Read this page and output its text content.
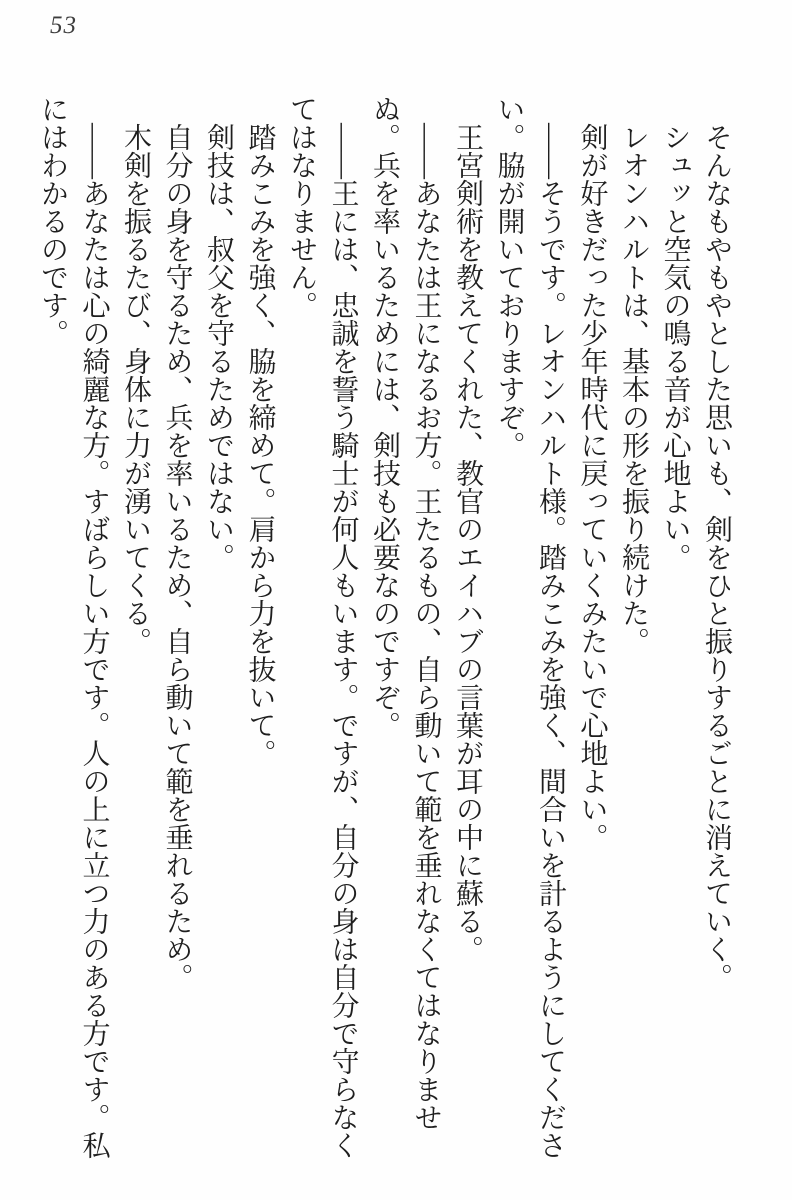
53

そんなもやもやとした思いも、剣をひと振りするごとに消えていく。

シュッと空気の鳴る音が心地よい。

レオンハルトは、基本の形を振り続けた。

剣が好きだった少年時代に戻っていくみたいで心地よい。

――そうです。レオンハルト様。踏みこみを強く、間合いを計るようにしてください。脇が開いておりますぞ。

王宮剣術を教えてくれた、教官のエイハブの言葉が耳の中に蘇る。

――あなたは王になるお方。王たるもの、自ら動いて範を垂れなくてはなりませぬ。兵を率いるためには、剣技も必要なのですぞ。

――王には、忠誠を誓う騎士が何人もいます。ですが、自分の身は自分で守らなくてはなりません。

踏みこみを強く、脇を締めて。肩から力を抜いて。

剣技は、叔父を守るためではない。

自分の身を守るため、兵を率いるため、自ら動いて範を垂れるため。

木剣を振るたび、身体に力が湧いてくる。

――あなたは心の綺麗な方。すばらしい方です。人の上に立つ力のある方です。私にはわかるのです。
